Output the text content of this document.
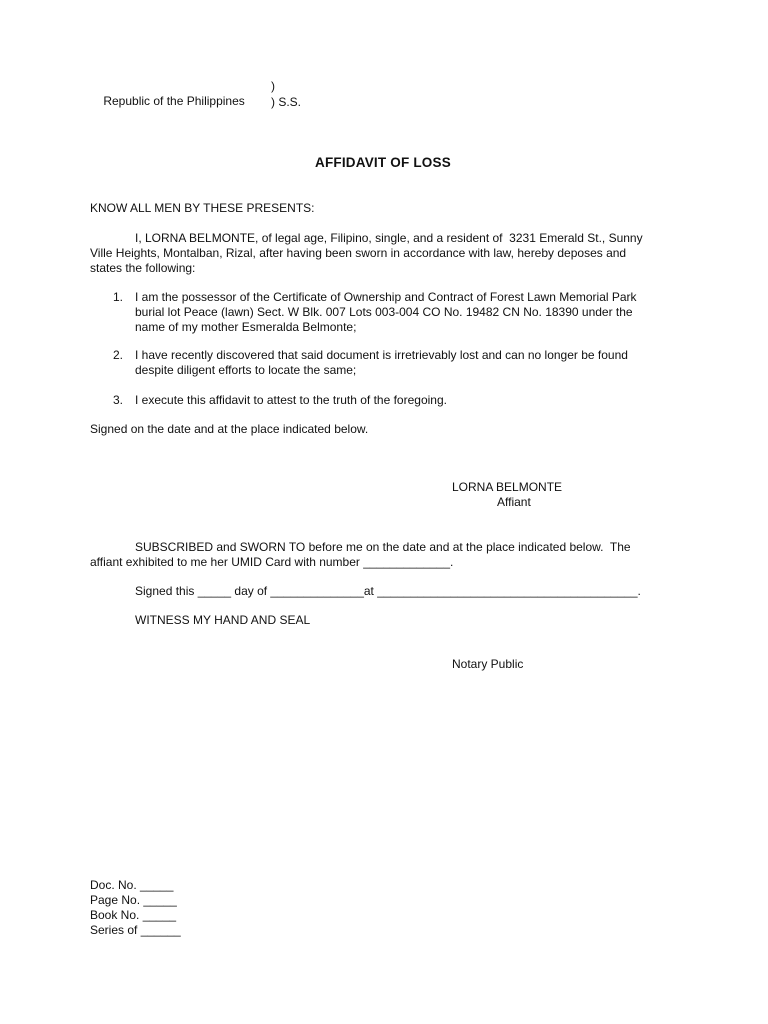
Republic of the Philippines

)
) S.S.
AFFIDAVIT OF LOSS
KNOW ALL MEN BY THESE PRESENTS:
I, LORNA BELMONTE, of legal age, Filipino, single, and a resident of  3231 Emerald St., Sunny
Ville Heights, Montalban, Rizal, after having been sworn in accordance with law, hereby deposes and
states the following:
1. I am the possessor of the Certificate of Ownership and Contract of Forest Lawn Memorial Park
burial lot Peace (lawn) Sect. W Blk. 007 Lots 003-004 CO No. 19482 CN No. 18390 under the
name of my mother Esmeralda Belmonte;
2. I have recently discovered that said document is irretrievably lost and can no longer be found
despite diligent efforts to locate the same;
3. I execute this affidavit to attest to the truth of the foregoing.
Signed on the date and at the place indicated below.
LORNA BELMONTE
Affiant
SUBSCRIBED and SWORN TO before me on the date and at the place indicated below.  The
affiant exhibited to me her UMID Card with number _____________.
Signed this _____ day of ______________at _______________________________________.
WITNESS MY HAND AND SEAL
Notary Public
Doc. No. _____
Page No. _____
Book No. _____
Series of ______
